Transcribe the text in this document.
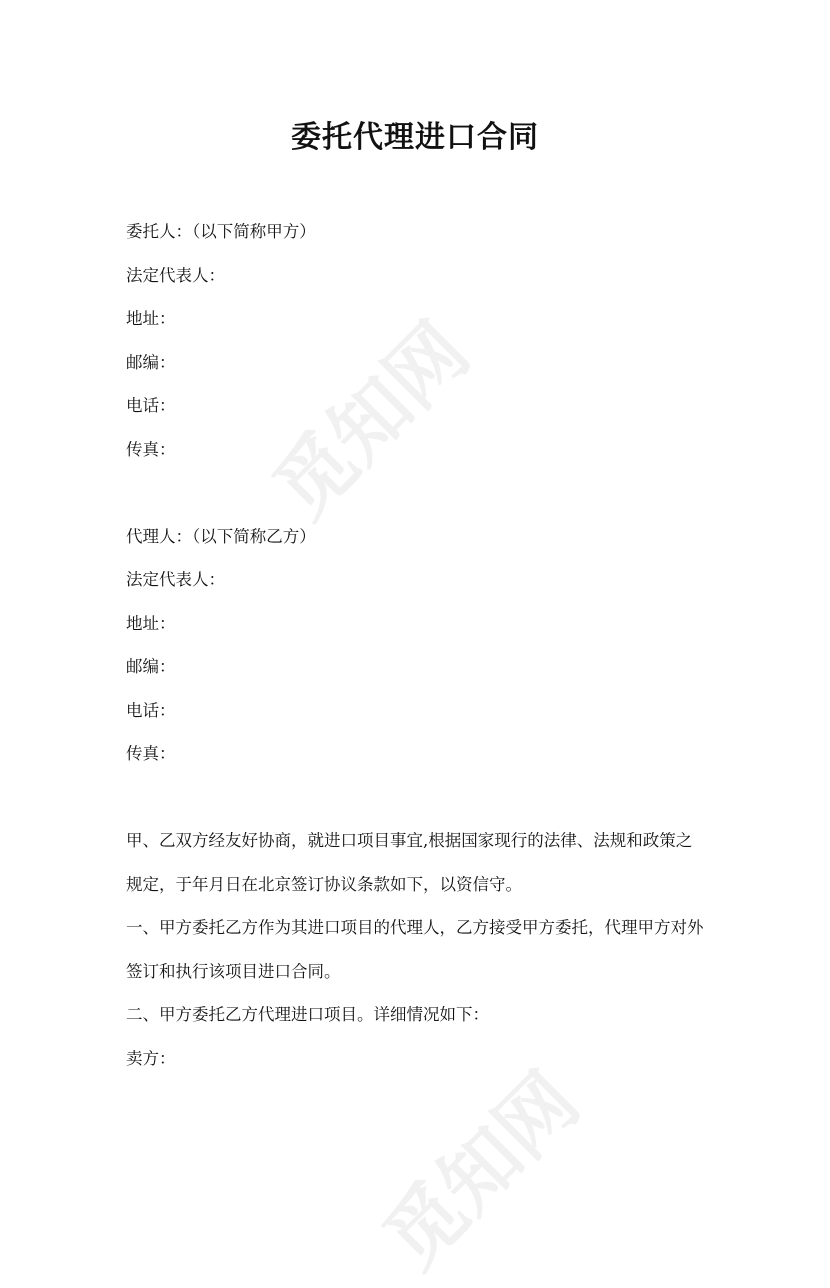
觅知网
觅知网
委托代理进口合同
委托人：（以下简称甲方）
法定代表人：
地址：
邮编：
电话：
传真：
代理人：（以下简称乙方）
法定代表人：
地址：
邮编：
电话：
传真：
甲、乙双方经友好协商，就进口项目事宜,根据国家现行的法律、法规和政策之
规定，于年月日在北京签订协议条款如下，以资信守。
一、甲方委托乙方作为其进口项目的代理人，乙方接受甲方委托，代理甲方对外
签订和执行该项目进口合同。
二、甲方委托乙方代理进口项目。详细情况如下：
卖方：
